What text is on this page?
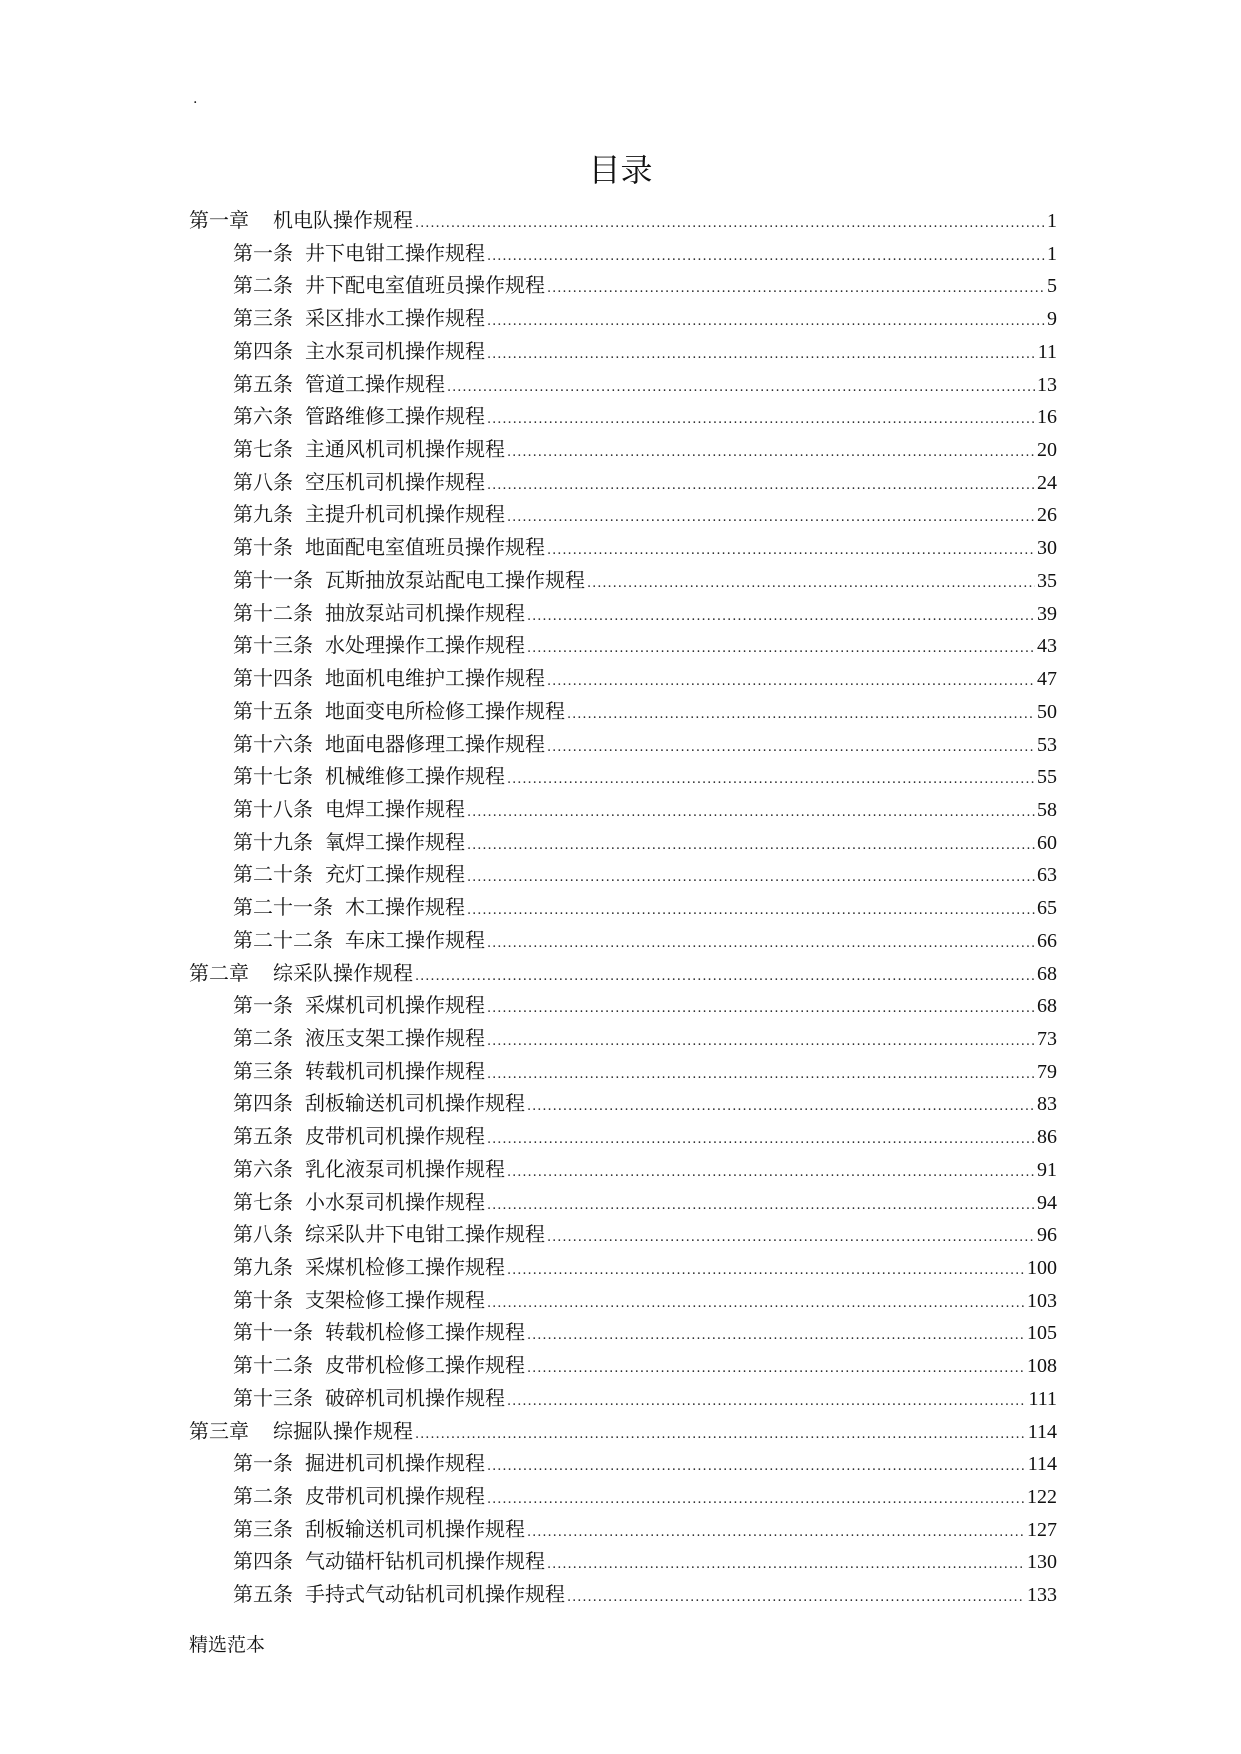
.
目录
第一章 机电队操作规程 .....	1
第一条 井下电钳工操作规程 .....	1
第二条 井下配电室值班员操作规程 .....	5
第三条 采区排水工操作规程 .....	9
第四条 主水泵司机操作规程 .....	11
第五条 管道工操作规程 .....	13
第六条 管路维修工操作规程 .....	16
第七条 主通风机司机操作规程 .....	20
第八条 空压机司机操作规程 .....	24
第九条 主提升机司机操作规程 .....	26
第十条 地面配电室值班员操作规程 .....	30
第十一条 瓦斯抽放泵站配电工操作规程 .....	35
第十二条 抽放泵站司机操作规程 .....	39
第十三条 水处理操作工操作规程 .....	43
第十四条 地面机电维护工操作规程 .....	47
第十五条 地面变电所检修工操作规程 .....	50
第十六条 地面电器修理工操作规程 .....	53
第十七条 机械维修工操作规程 .....	55
第十八条 电焊工操作规程 .....	58
第十九条 氧焊工操作规程 .....	60
第二十条 充灯工操作规程 .....	63
第二十一条 木工操作规程 .....	65
第二十二条 车床工操作规程 .....	66
第二章 综采队操作规程 .....	68
第一条 采煤机司机操作规程 .....	68
第二条 液压支架工操作规程 .....	73
第三条 转载机司机操作规程 .....	79
第四条 刮板输送机司机操作规程 .....	83
第五条 皮带机司机操作规程 .....	86
第六条 乳化液泵司机操作规程 .....	91
第七条 小水泵司机操作规程 .....	94
第八条 综采队井下电钳工操作规程 .....	96
第九条 采煤机检修工操作规程 .....	100
第十条 支架检修工操作规程 .....	103
第十一条 转载机检修工操作规程 .....	105
第十二条 皮带机检修工操作规程 .....	108
第十三条 破碎机司机操作规程 .....	111
第三章 综掘队操作规程 .....	114
第一条 掘进机司机操作规程 .....	114
第二条 皮带机司机操作规程 .....	122
第三条 刮板输送机司机操作规程 .....	127
第四条 气动锚杆钻机司机操作规程 .....	130
第五条 手持式气动钻机司机操作规程 .....	133
精选范本
